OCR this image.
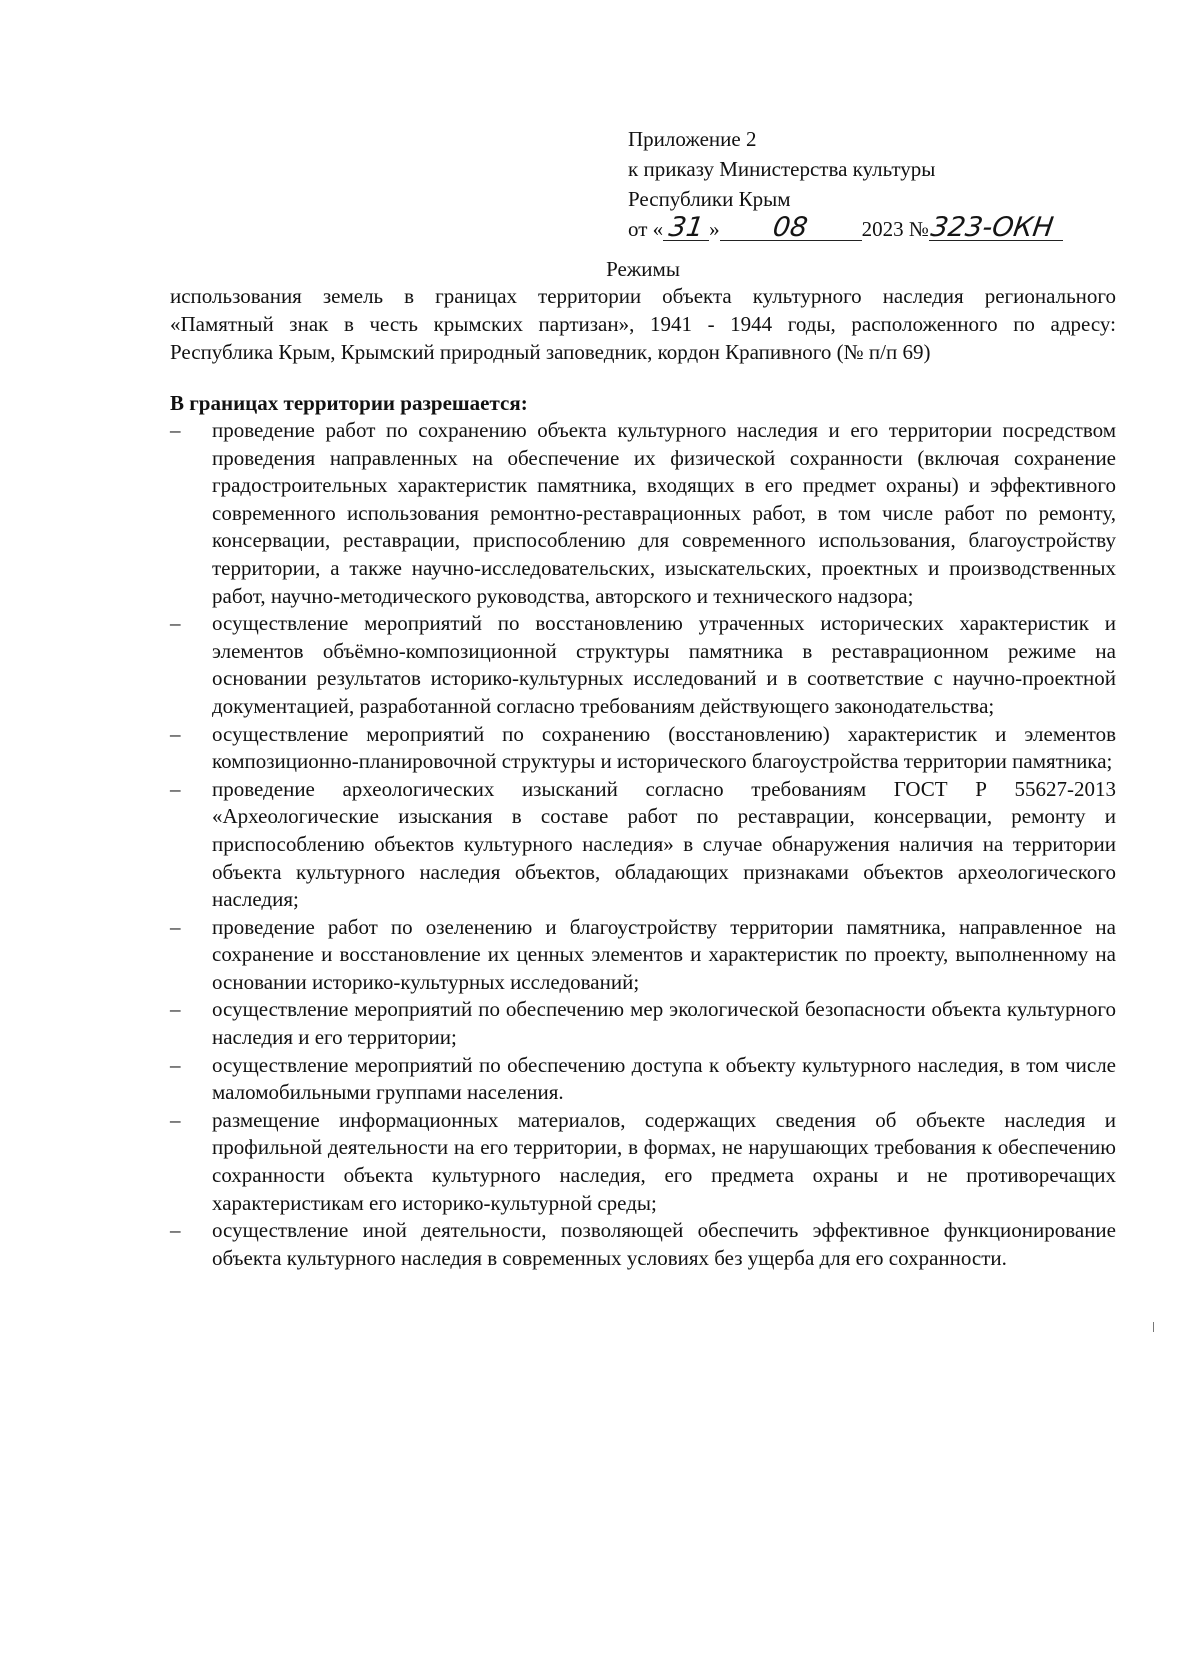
Приложение 2
к приказу Министерства культуры
Республики Крым
от « 31 » 08 2023 №323-ОКН
Режимы
использования земель в границах территории объекта культурного наследия регионального
«Памятный знак в честь крымских партизан», 1941 - 1944 годы, расположенного по адресу:
Республика Крым, Крымский природный заповедник, кордон Крапивного (№ п/п 69)
В границах территории разрешается:
–	проведение работ по сохранению объекта культурного наследия и его территории посредством проведения направленных на обеспечение их физической сохранности (включая сохранение градостроительных характеристик памятника, входящих в его предмет охраны) и эффективного современного использования ремонтно-реставрационных работ, в том числе работ по ремонту, консервации, реставрации, приспособлению для современного использования, благоустройству территории, а также научно-исследовательских, изыскательских, проектных и производственных работ, научно-методического руководства, авторского и технического надзора;
–	осуществление мероприятий по восстановлению утраченных исторических характеристик и элементов объёмно-композиционной структуры памятника в реставрационном режиме на основании результатов историко-культурных исследований и в соответствие с научно-проектной документацией, разработанной согласно требованиям действующего законодательства;
–	осуществление мероприятий по сохранению (восстановлению) характеристик и элементов композиционно-планировочной структуры и исторического благоустройства территории памятника;
–	проведение археологических изысканий согласно требованиям ГОСТ Р 55627-2013 «Археологические изыскания в составе работ по реставрации, консервации, ремонту и приспособлению объектов культурного наследия» в случае обнаружения наличия на территории объекта культурного наследия объектов, обладающих признаками объектов археологического наследия;
–	проведение работ по озеленению и благоустройству территории памятника, направленное на сохранение и восстановление их ценных элементов и характеристик по проекту, выполненному на основании историко-культурных исследований;
–	осуществление мероприятий по обеспечению мер экологической безопасности объекта культурного наследия и его территории;
–	осуществление мероприятий по обеспечению доступа к объекту культурного наследия, в том числе маломобильными группами населения.
–	размещение информационных материалов, содержащих сведения об объекте наследия и профильной деятельности на его территории, в формах, не нарушающих требования к обеспечению сохранности объекта культурного наследия, его предмета охраны и не противоречащих характеристикам его историко-культурной среды;
–	осуществление иной деятельности, позволяющей обеспечить эффективное функционирование объекта культурного наследия в современных условиях без ущерба для его сохранности.
